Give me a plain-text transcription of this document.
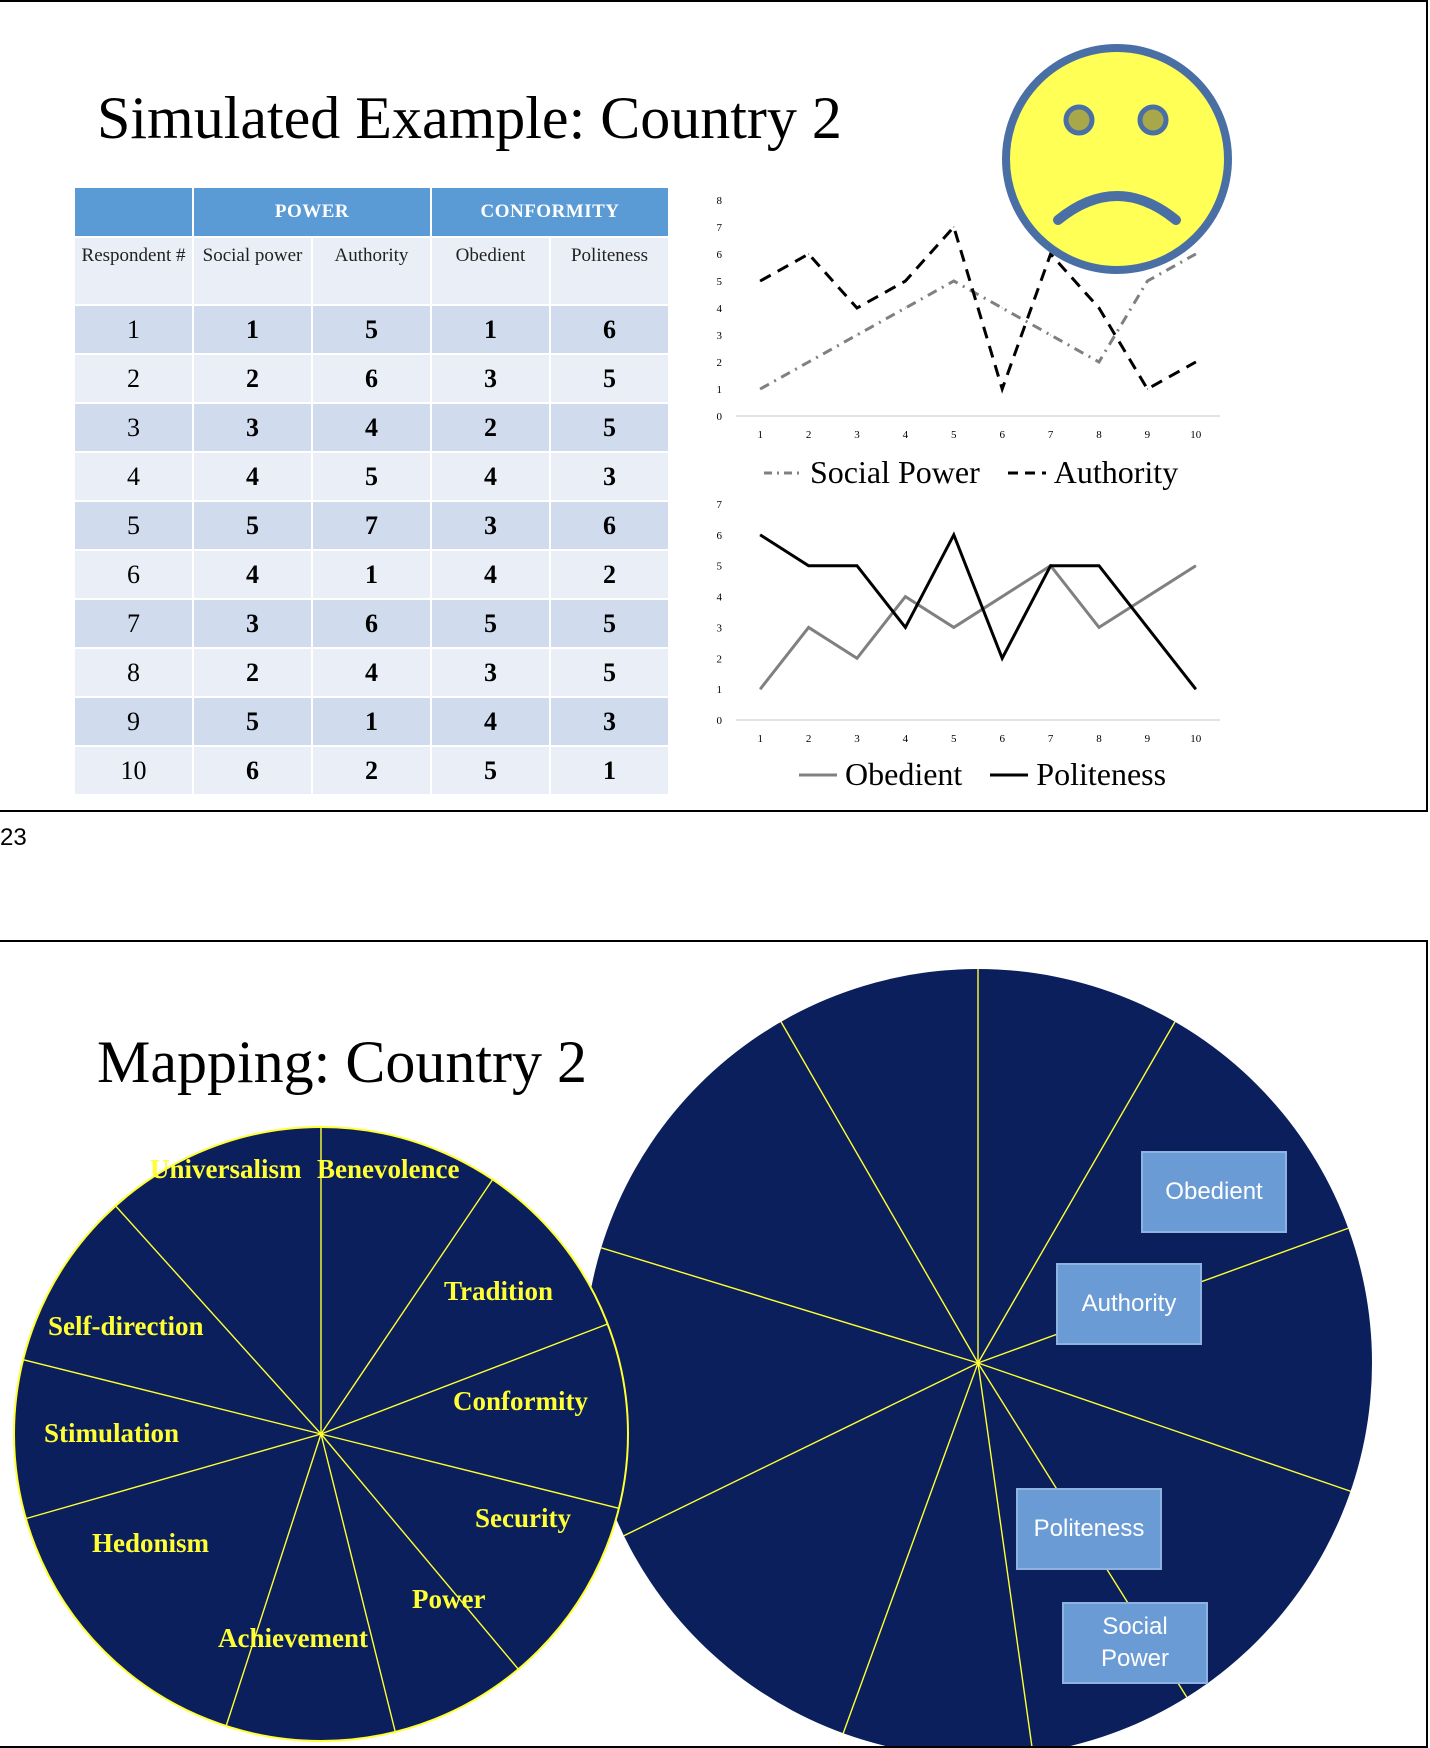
Simulated Example: Country 2
	POWER		CONFORMITY	
Respondent #	Social power	Authority	Obedient	Politeness
1	1	5	1	6
2	2	6	3	5
3	3	4	2	5
4	4	5	4	3
5	5	7	3	6
6	4	1	4	2
7	3	6	5	5
8	2	4	3	5
9	5	1	4	3
10	6	2	5	1
0
1
2
3
4
5
6
7
8
1	2	3	4	5	6	7	8	9	10
Social Power Authority
0
1
2
3
4
5
6
7
1	2	3	4	5	6	7	8	9	10
Obedient Politeness
23
Universalism Benevolence
Tradition
Conformity
Security
Power
Achievement
Hedonism
Stimulation
Self-direction
Mapping: Country 2
Obedient
Authority
Politeness
Social Power
